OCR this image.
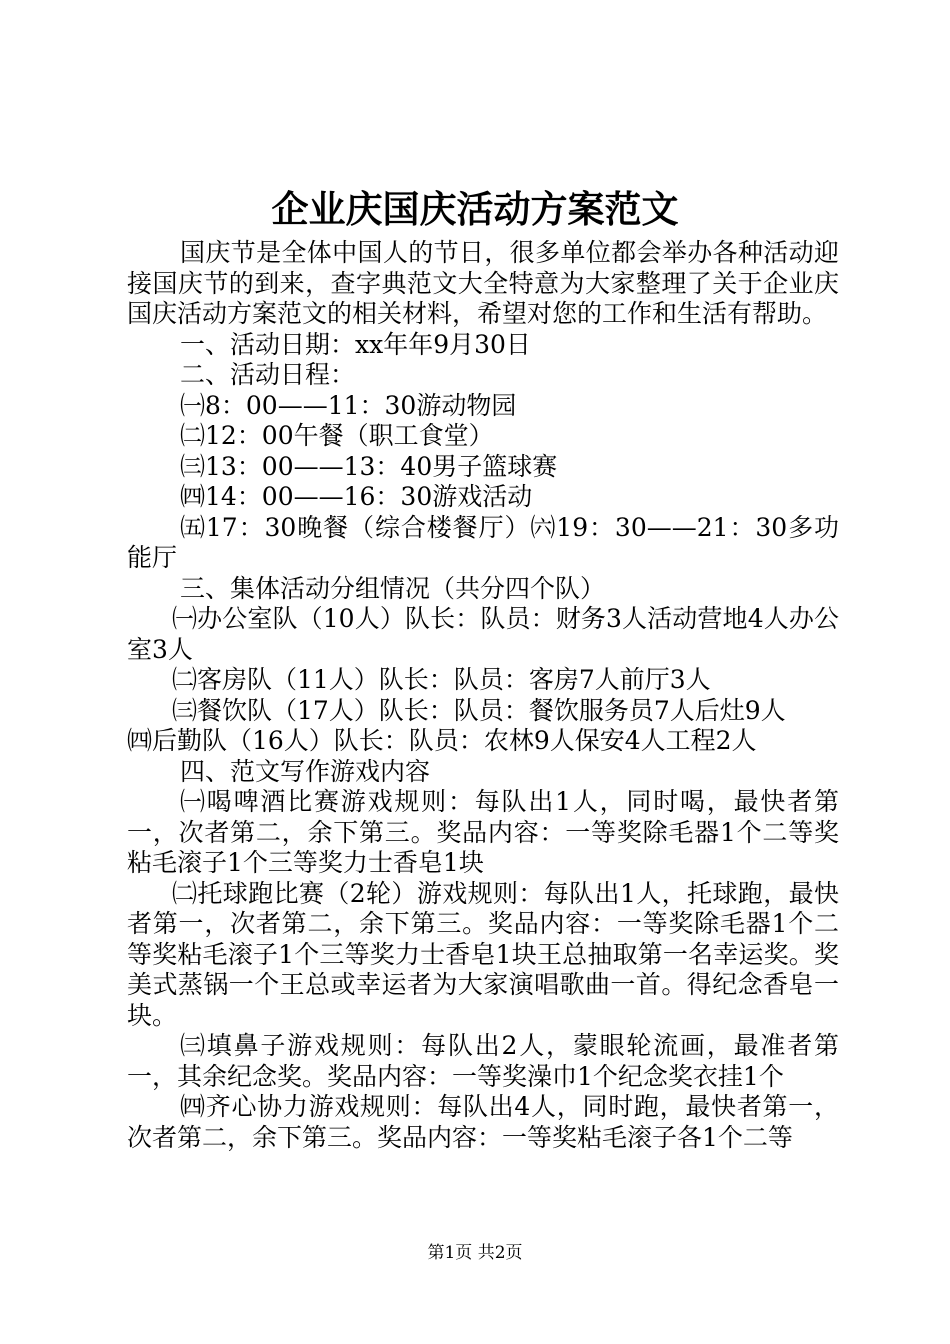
企业庆国庆活动方案范文

国庆节是全体中国人的节日，很多单位都会举办各种活动迎接国庆节的到来，查字典范文大全特意为大家整理了关于企业庆国庆活动方案范文的相关材料，希望对您的工作和生活有帮助。

一、活动日期：xx年年9月30日

二、活动日程：

㈠8：00——11：30游动物园

㈡12：00午餐（职工食堂）

㈢13：00——13：40男子篮球赛

㈣14：00——16：30游戏活动

㈤17：30晚餐（综合楼餐厅）㈥19：30——21：30多功能厅

三、集体活动分组情况（共分四个队）

㈠办公室队（10人）队长：队员：财务3人活动营地4人办公室3人

㈡客房队（11人）队长：队员：客房7人前厅3人

㈢餐饮队（17人）队长：队员：餐饮服务员7人后灶9人

㈣后勤队（16人）队长：队员：农林9人保安4人工程2人

四、范文写作游戏内容

㈠喝啤酒比赛游戏规则：每队出1人，同时喝，最快者第一，次者第二，余下第三。奖品内容：一等奖除毛器1个二等奖粘毛滚子1个三等奖力士香皂1块

㈡托球跑比赛（2轮）游戏规则：每队出1人，托球跑，最快者第一，次者第二，余下第三。奖品内容：一等奖除毛器1个二等奖粘毛滚子1个三等奖力士香皂1块王总抽取第一名幸运奖。奖美式蒸锅一个王总或幸运者为大家演唱歌曲一首。得纪念香皂一块。

㈢填鼻子游戏规则：每队出2人，蒙眼轮流画，最准者第一，其余纪念奖。奖品内容：一等奖澡巾1个纪念奖衣挂1个

㈣齐心协力游戏规则：每队出4人，同时跑，最快者第一，次者第二，余下第三。奖品内容：一等奖粘毛滚子各1个二等

第1页 共2页
